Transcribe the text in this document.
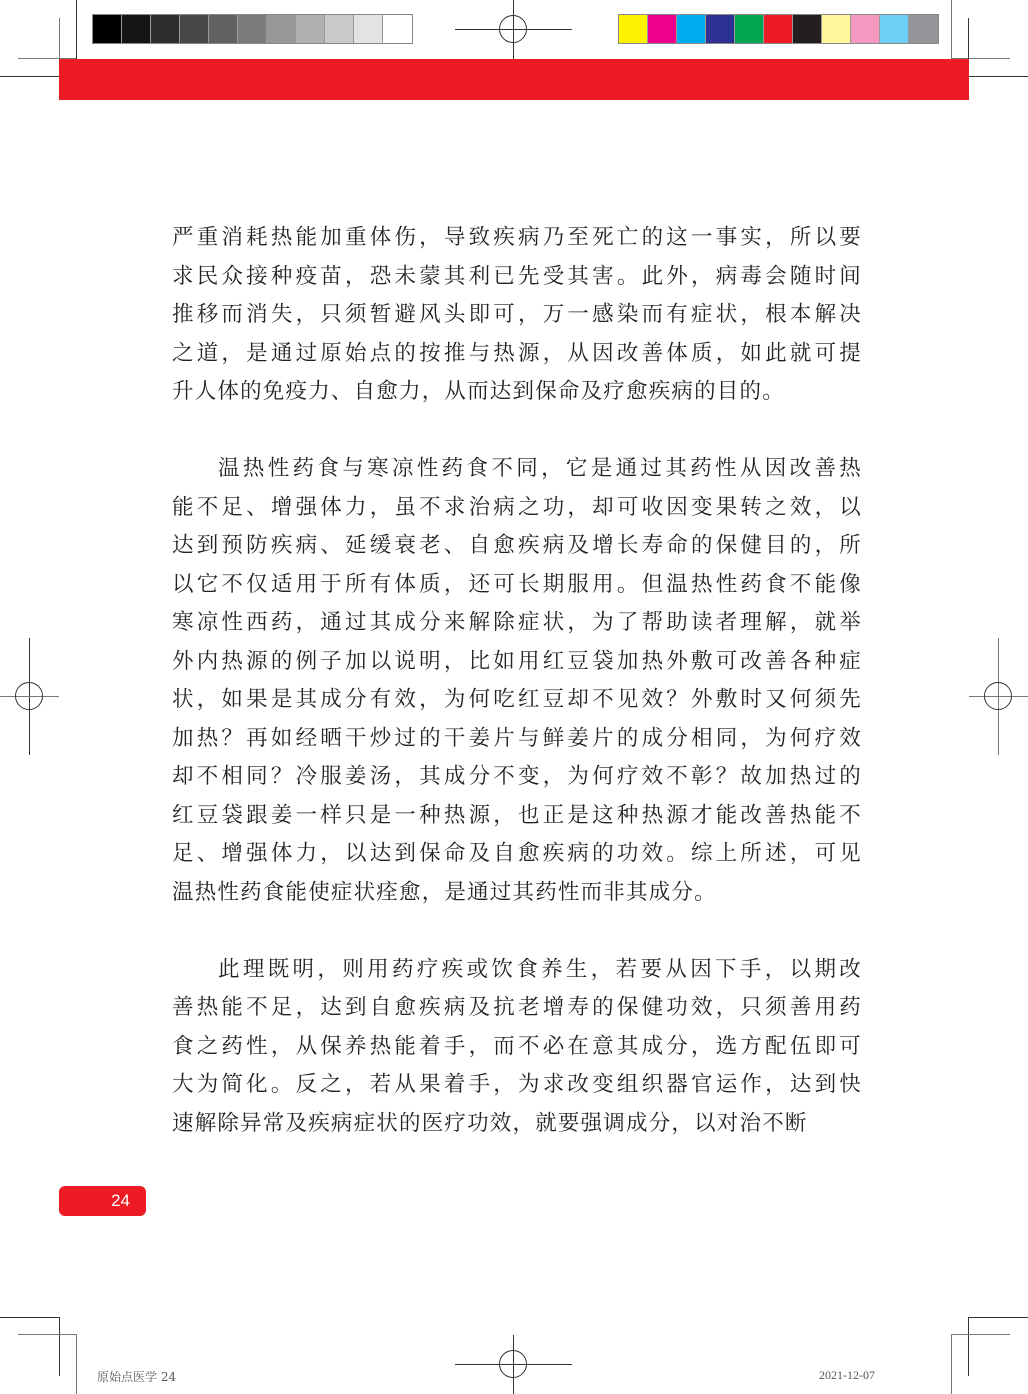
严重消耗热能加重体伤，导致疾病乃至死亡的这一事实，所以要
求民众接种疫苗，恐未蒙其利已先受其害。此外，病毒会随时间
推移而消失，只须暂避风头即可，万一感染而有症状，根本解决
之道，是通过原始点的按推与热源，从因改善体质，如此就可提
升人体的免疫力、自愈力，从而达到保命及疗愈疾病的目的。
温热性药食与寒凉性药食不同，它是通过其药性从因改善热
能不足、增强体力，虽不求治病之功，却可收因变果转之效，以
达到预防疾病、延缓衰老、自愈疾病及增长寿命的保健目的，所
以它不仅适用于所有体质，还可长期服用。但温热性药食不能像
寒凉性西药，通过其成分来解除症状，为了帮助读者理解，就举
外内热源的例子加以说明，比如用红豆袋加热外敷可改善各种症
状，如果是其成分有效，为何吃红豆却不见效？外敷时又何须先
加热？再如经晒干炒过的干姜片与鲜姜片的成分相同，为何疗效
却不相同？冷服姜汤，其成分不变，为何疗效不彰？故加热过的
红豆袋跟姜一样只是一种热源，也正是这种热源才能改善热能不
足、增强体力，以达到保命及自愈疾病的功效。综上所述，可见
温热性药食能使症状痊愈，是通过其药性而非其成分。
此理既明，则用药疗疾或饮食养生，若要从因下手，以期改
善热能不足，达到自愈疾病及抗老增寿的保健功效，只须善用药
食之药性，从保养热能着手，而不必在意其成分，选方配伍即可
大为简化。反之，若从果着手，为求改变组织器官运作，达到快
速解除异常及疾病症状的医疗功效，就要强调成分，以对治不断
24
原始点医学 24	2021-12-07
